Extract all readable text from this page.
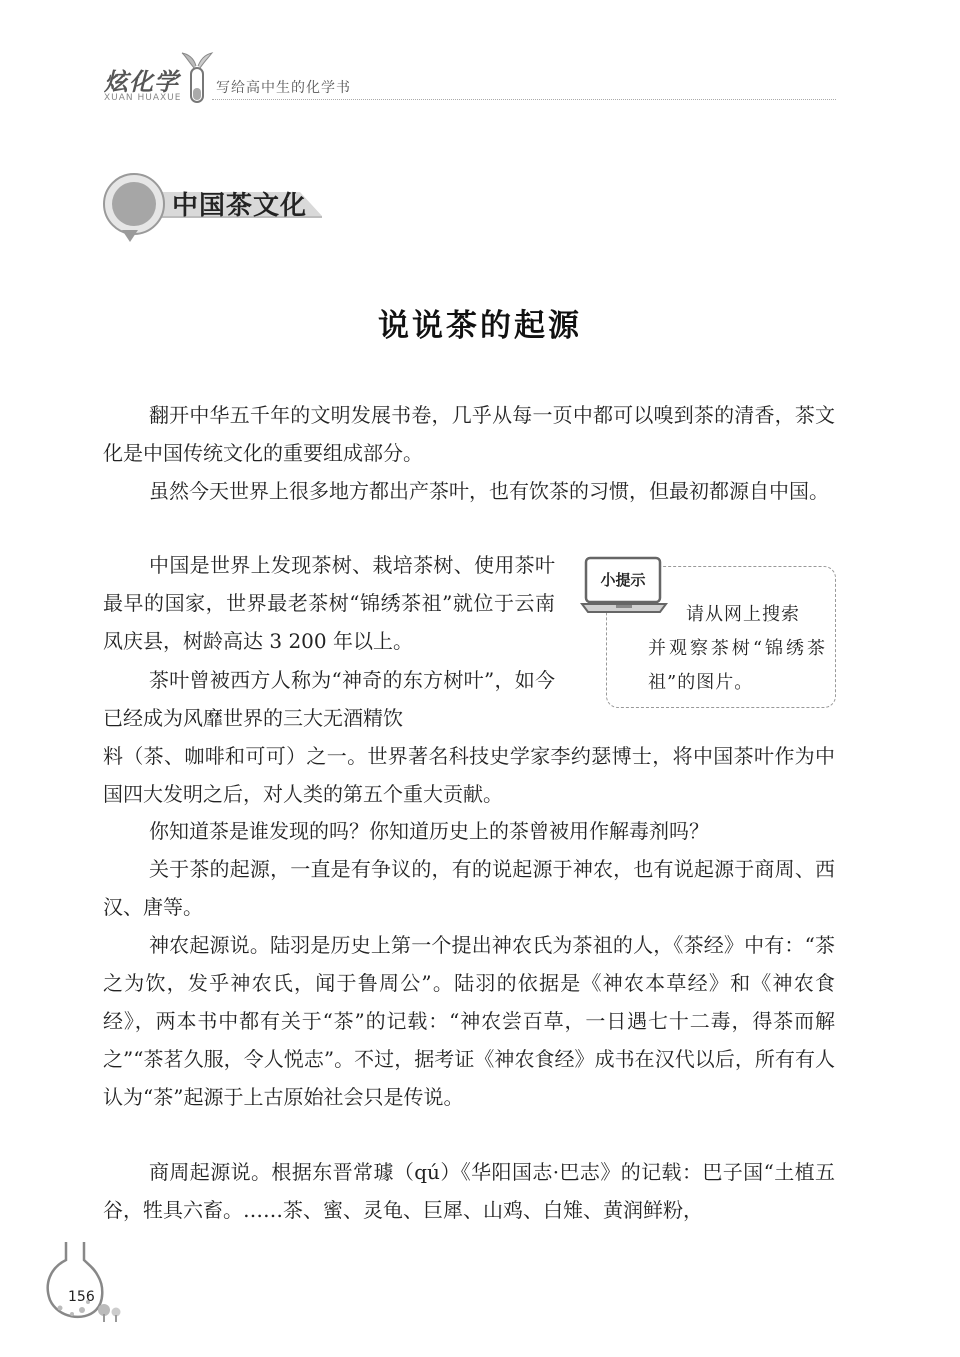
炫化学
XUAN HUAXUE
写给高中生的化学书
中国茶文化
说说茶的起源

翻开中华五千年的文明发展书卷，几乎从每一页中都可以嗅到茶的清香，茶文化是中国传统文化的重要组成部分。

虽然今天世界上很多地方都出产茶叶，也有饮茶的习惯，但最初都源自中国。

中国是世界上发现茶树、栽培茶树、使用茶叶最早的国家，世界最老茶树“锦绣茶祖”就位于云南凤庆县，树龄高达 3 200 年以上。

茶叶曾被西方人称为“神奇的东方树叶”，如今已经成为风靡世界的三大无酒精饮

料（茶、咖啡和可可）之一。世界著名科技史学家李约瑟博士，将中国茶叶作为中国四大发明之后，对人类的第五个重大贡献。

你知道茶是谁发现的吗？你知道历史上的茶曾被用作解毒剂吗？

关于茶的起源，一直是有争议的，有的说起源于神农，也有说起源于商周、西汉、唐等。

神农起源说。陆羽是历史上第一个提出神农氏为茶祖的人，《茶经》中有：“茶之为饮，发乎神农氏，闻于鲁周公”。陆羽的依据是《神农本草经》和《神农食经》，两本书中都有关于“茶”的记载：“神农尝百草，一日遇七十二毒，得茶而解之”“茶茗久服，令人悦志”。不过，据考证《神农食经》成书在汉代以后，所有有人认为“茶”起源于上古原始社会只是传说。

商周起源说。根据东晋常璩（qú）《华阳国志·巴志》的记载：巴子国“土植五谷，牲具六畜。……茶、蜜、灵龟、巨犀、山鸡、白雉、黄润鲜粉，

小提示

请从网上搜索

并观察茶树“锦绣茶祖”的图片。

156
